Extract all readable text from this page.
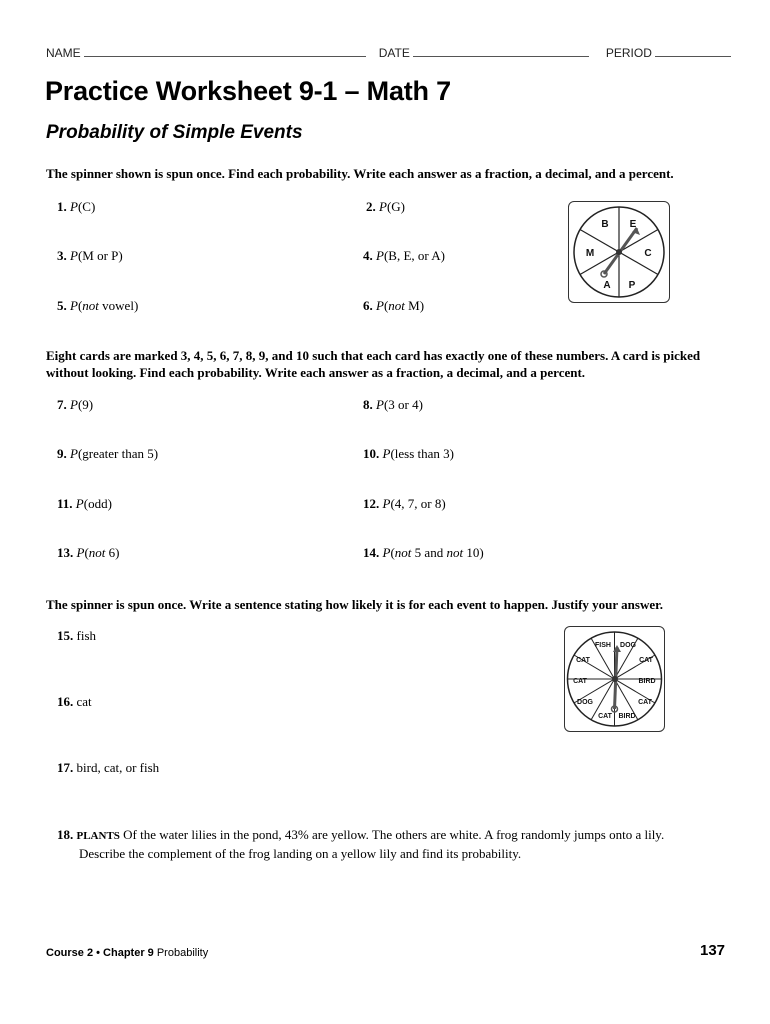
NAME	DATE	PERIOD
Practice Worksheet 9-1 – Math 7
Probability of Simple Events
The spinner shown is spun once. Find each probability. Write each answer as a fraction, a decimal, and a percent.
1. P(C)	2. P(G)
3. P(M or P)	4. P(B, E, or A)
5. P(not vowel)	6. P(not M)
B E
C
P
A
M
Eight cards are marked 3, 4, 5, 6, 7, 8, 9, and 10 such that each card has exactly one of these numbers. A card is picked without looking. Find each probability. Write each answer as a fraction, a decimal, and a percent.
7. P(9)	8. P(3 or 4)
9. P(greater than 5)	10. P(less than 3)
11. P(odd)	12. P(4, 7, or 8)
13. P(not 6)	14. P(not 5 and not 10)
The spinner is spun once. Write a sentence stating how likely it is for each event to happen. Justify your answer.
15. fish
16. cat
17. bird, cat, or fish
FISH DOG
CAT	CAT
CAT	BIRD
DOG	CAT
CAT BIRD
18. PLANTS Of the water lilies in the pond, 43% are yellow. The others are white. A frog randomly jumps onto a lily.
Describe the complement of the frog landing on a yellow lily and find its probability.
Course 2 • Chapter 9 Probability	137
